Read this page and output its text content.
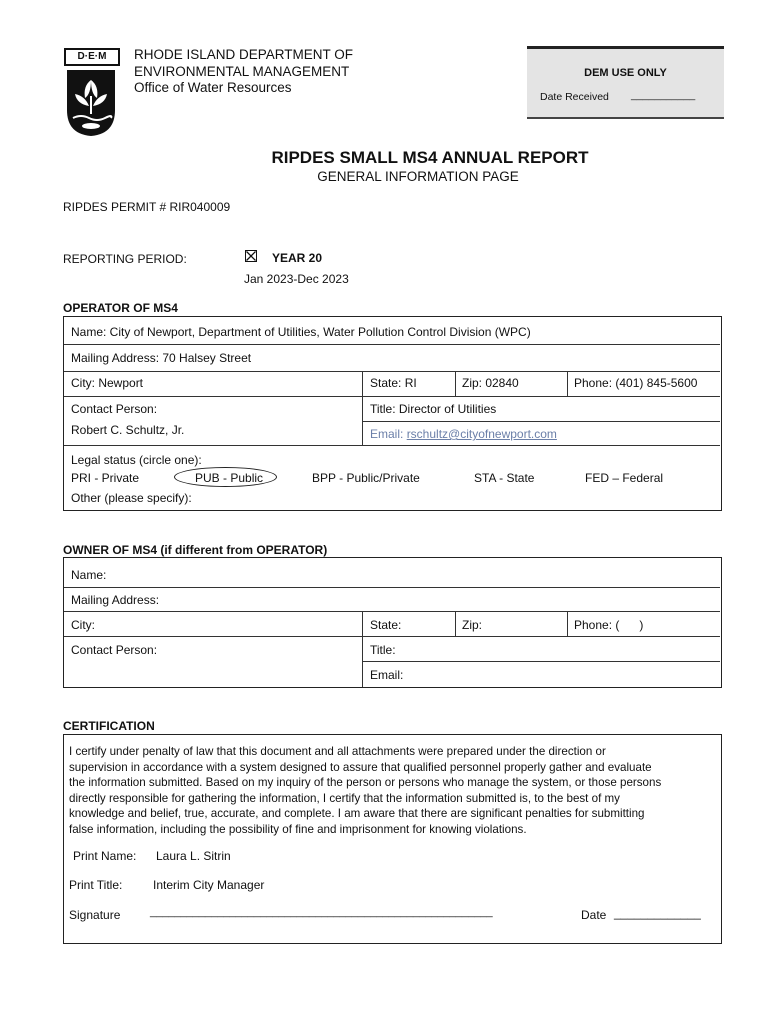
D·E·M	RHODE ISLAND DEPARTMENT OF
ENVIRONMENTAL MANAGEMENT
Office of Water Resources
DEM USE ONLY
Date Received ___________
RIPDES SMALL MS4 ANNUAL REPORT
GENERAL INFORMATION PAGE
RIPDES PERMIT # RIR040009
REPORTING PERIOD:	YEAR 20
Jan 2023-Dec 2023
OPERATOR OF MS4
Name: City of Newport, Department of Utilities, Water Pollution Control Division (WPC)
Mailing Address: 70 Halsey Street
City: Newport	State: RI	Zip: 02840	Phone: (401) 845-5600
Contact Person:
Robert C. Schultz, Jr.
Title: Director of Utilities
Email: rschultz@cityofnewport.com
Legal status (circle one):
PRI - Private	PUB - Public	BPP - Public/Private	STA - State	FED – Federal
Other (please specify):
OWNER OF MS4 (if different from OPERATOR)
Name:
Mailing Address:
City:	State:	Zip:	Phone: (      )
Contact Person:	Title:
Email:
CERTIFICATION
I certify under penalty of law that this document and all attachments were prepared under the direction or
supervision in accordance with a system designed to assure that qualified personnel properly gather and evaluate
the information submitted. Based on my inquiry of the person or persons who manage the system, or those persons
directly responsible for gathering the information, I certify that the information submitted is, to the best of my
knowledge and belief, true, accurate, and complete. I am aware that there are significant penalties for submitting
false information, including the possibility of fine and imprisonment for knowing violations.
Print Name: Laura L. Sitrin
Print Title:	Interim City Manager
Signature	________________________________________________________	Date _____________
